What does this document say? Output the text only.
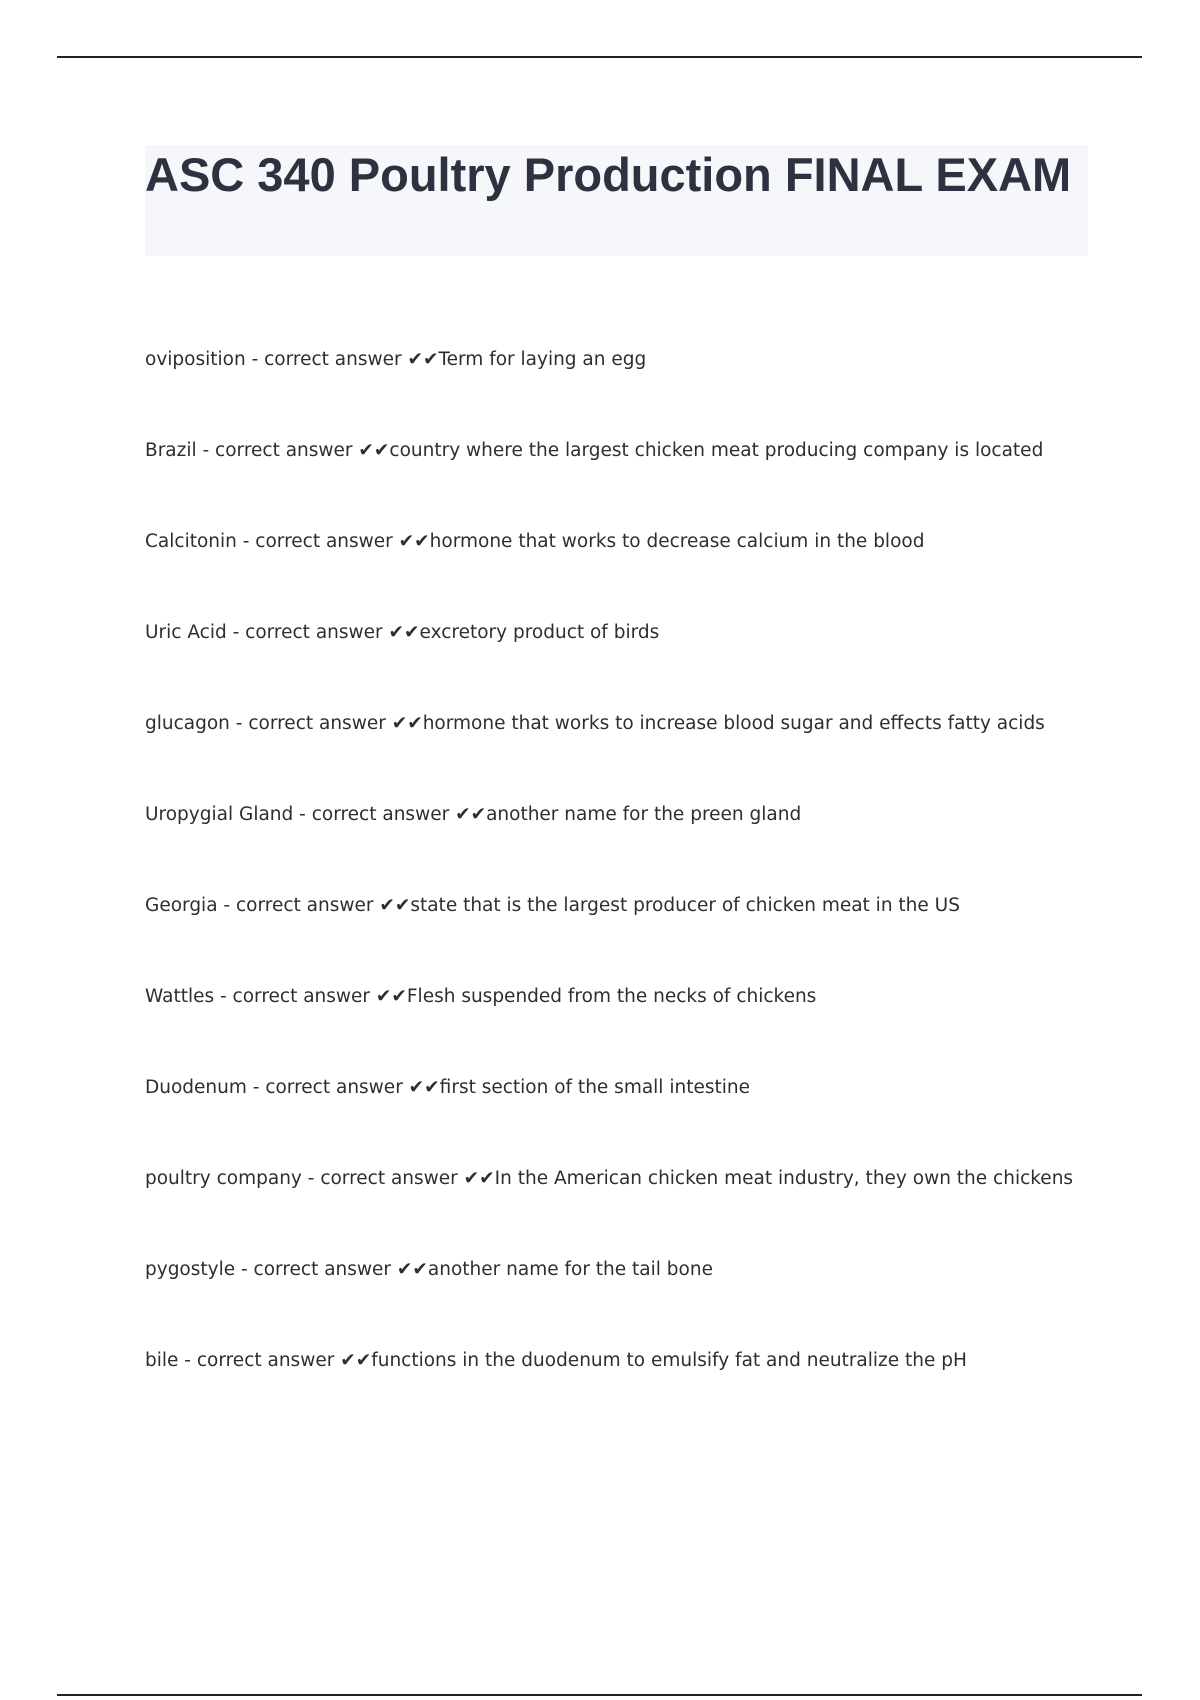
ASC 340 Poultry Production FINAL EXAM
oviposition - correct answer ✔✔Term for laying an egg
Brazil - correct answer ✔✔country where the largest chicken meat producing company is located
Calcitonin - correct answer ✔✔hormone that works to decrease calcium in the blood
Uric Acid - correct answer ✔✔excretory product of birds
glucagon - correct answer ✔✔hormone that works to increase blood sugar and effects fatty acids
Uropygial Gland - correct answer ✔✔another name for the preen gland
Georgia - correct answer ✔✔state that is the largest producer of chicken meat in the US
Wattles - correct answer ✔✔Flesh suspended from the necks of chickens
Duodenum - correct answer ✔✔first section of the small intestine
poultry company - correct answer ✔✔In the American chicken meat industry, they own the chickens
pygostyle - correct answer ✔✔another name for the tail bone
bile - correct answer ✔✔functions in the duodenum to emulsify fat and neutralize the pH
